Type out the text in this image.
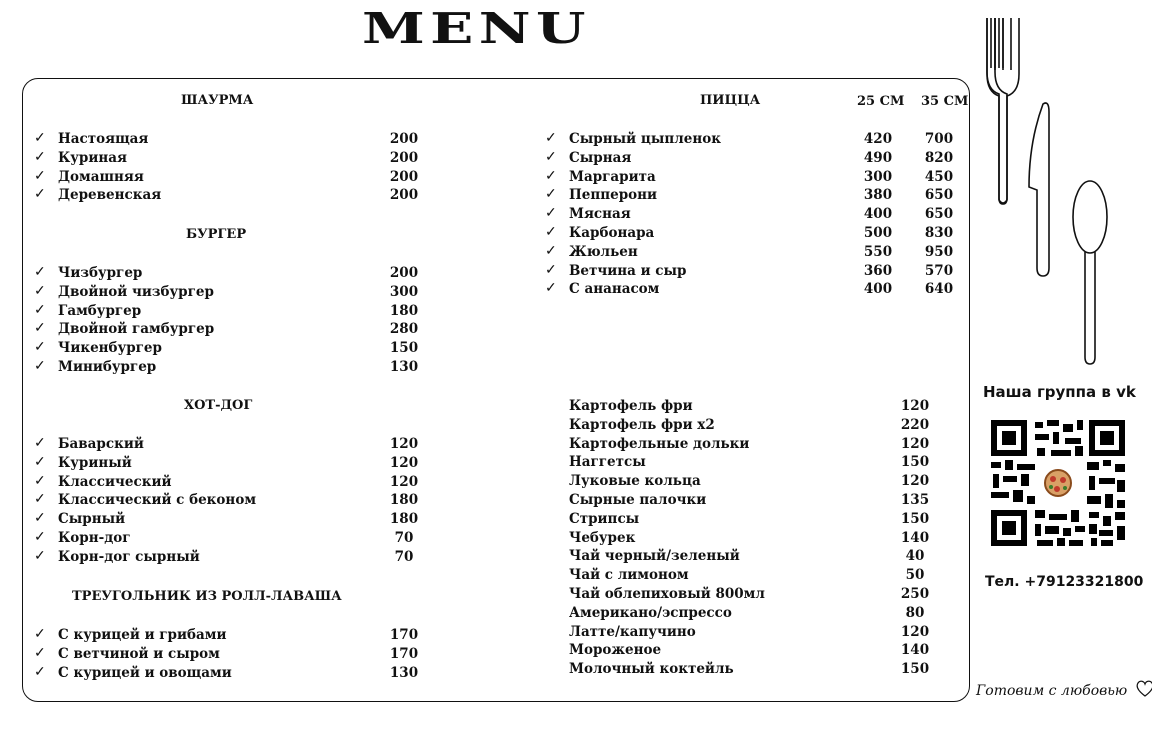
MENU
ШАУРМА
✓ Настоящая	200
✓ Куриная	200
✓ Домашняя	200
✓ Деревенская	200
БУРГЕР
✓ Чизбургер	200
✓ Двойной чизбургер	300
✓ Гамбургер	180
✓ Двойной гамбургер	280
✓ Чикенбургер	150
✓ Минибургер	130
ХОТ-ДОГ
✓ Баварский	120
✓ Куриный	120
✓ Классический	120
✓ Классический с беконом	180
✓ Сырный	180
✓ Корн-дог	70
✓ Корн-дог сырный	70
ТРЕУГОЛЬНИК ИЗ РОЛЛ-ЛАВАША
✓ С курицей и грибами	170
✓ С ветчиной и сыром	170
✓ С курицей и овощами	130
ПИЦЦА	25 СМ 35 СМ
✓ Сырный цыпленок	420	700
✓ Сырная	490	820
✓ Маргарита	300	450
✓ Пепперони	380	650
✓ Мясная	400	650
✓ Карбонара	500	830
✓ Жюльен	550	950
✓ Ветчина и сыр	360	570
✓ С ананасом	400	640
Картофель фри	120
Картофель фри х2	220
Картофельные дольки	120
Наггетсы	150
Луковые кольца	120
Сырные палочки	135
Стрипсы	150
Чебурек	140
Чай черный/зеленый	40
Чай с лимоном	50
Чай облепиховый 800мл	250
Американо/эспрессо	80
Латте/капучино	120
Мороженое	140
Молочный коктейль	150
Наша группа в vk
Тел. +79123321800
Готовим с любовью
